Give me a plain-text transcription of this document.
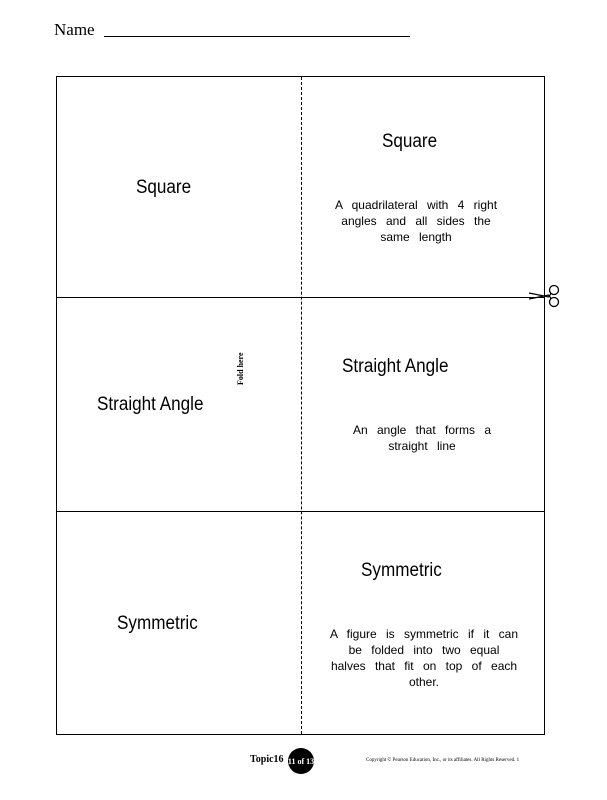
Name
Square
Square
A quadrilateral with 4 right angles and all sides the same length
Straight Angle
Straight Angle
An angle that forms a straight line
Symmetric
Symmetric
A figure is symmetric if it can be folded into two equal halves that fit on top of each other.
Fold here
Topic16 11 of 13	Copyright © Pearson Education, Inc., or its affiliates. All Rights Reserved. 1
